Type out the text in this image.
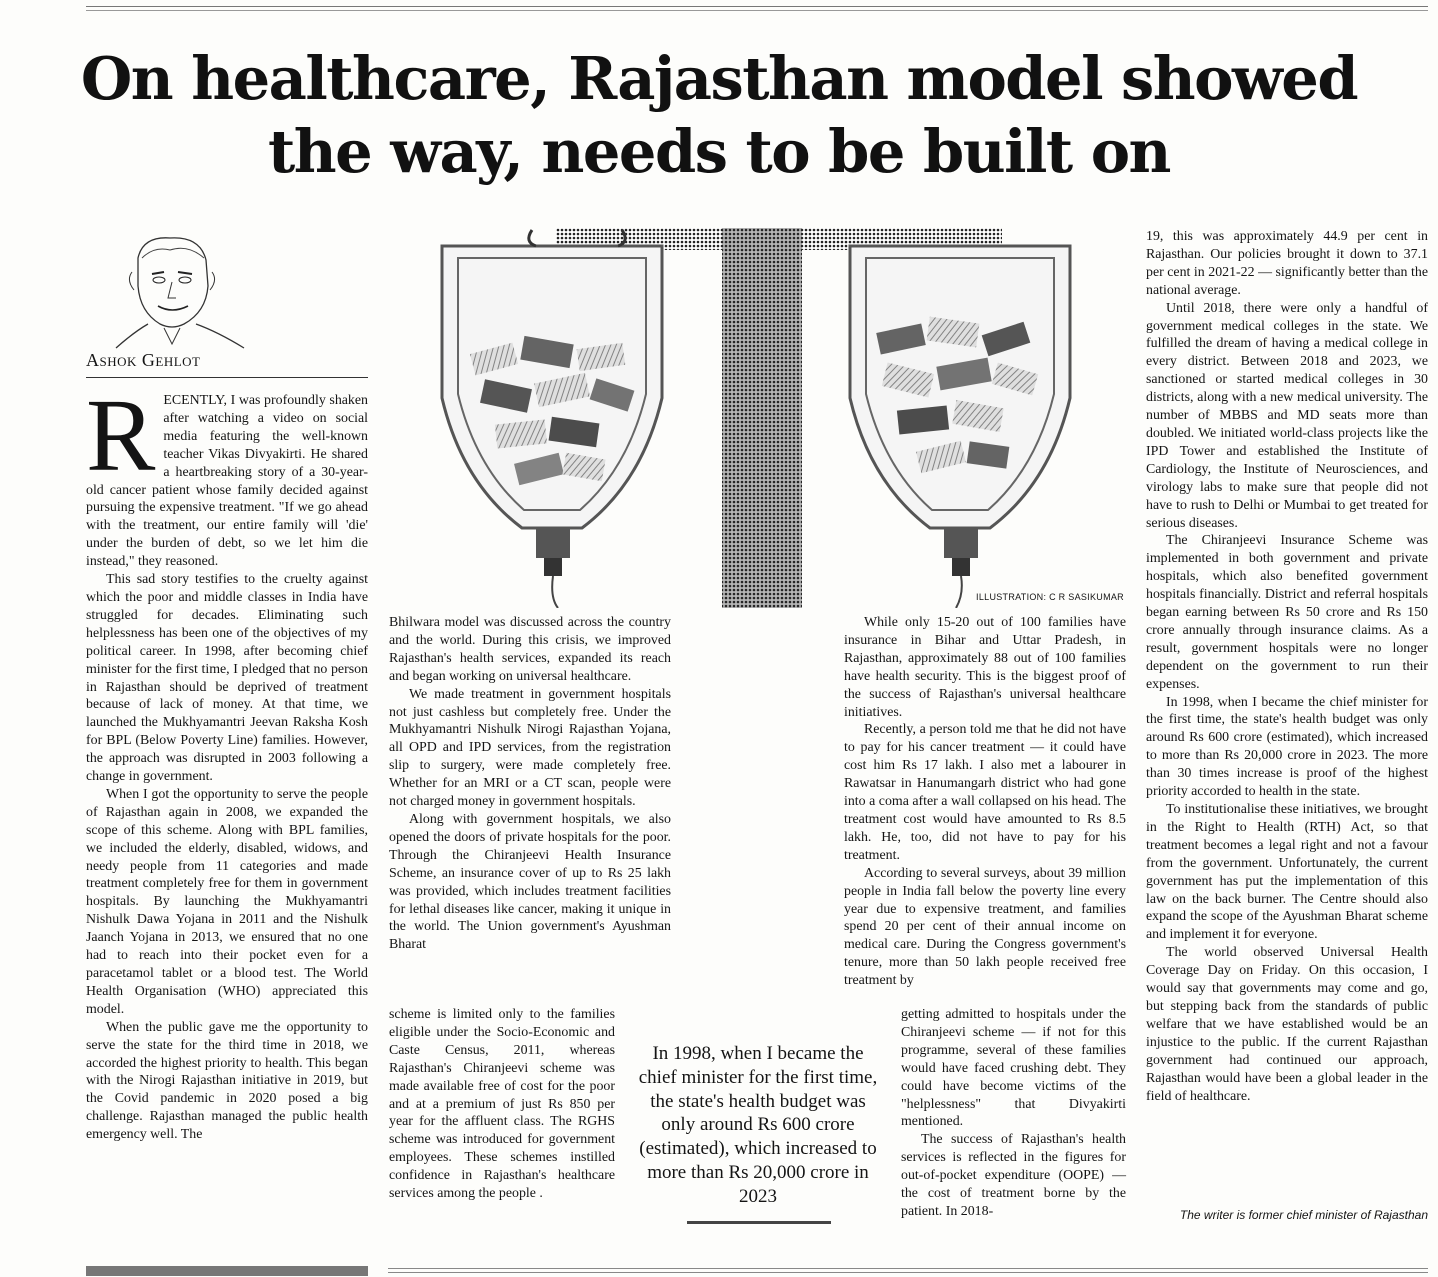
On healthcare, Rajasthan model showed the way, needs to be built on
Ashok Gehlot

RECENTLY, I was profoundly shaken after watching a video on social media featuring the well-known teacher Vikas Divyakirti. He shared a heartbreaking story of a 30-year-old cancer patient whose family decided against pursuing the expensive treatment. "If we go ahead with the treatment, our entire family will 'die' under the burden of debt, so we let him die instead," they reasoned.

This sad story testifies to the cruelty against which the poor and middle classes in India have struggled for decades. Eliminating such helplessness has been one of the objectives of my political career. In 1998, after becoming chief minister for the first time, I pledged that no person in Rajasthan should be deprived of treatment because of lack of money. At that time, we launched the Mukhyamantri Jeevan Raksha Kosh for BPL (Below Poverty Line) families. However, the approach was disrupted in 2003 following a change in government.

When I got the opportunity to serve the people of Rajasthan again in 2008, we expanded the scope of this scheme. Along with BPL families, we included the elderly, disabled, widows, and needy people from 11 categories and made treatment completely free for them in government hospitals. By launching the Mukhyamantri Nishulk Dawa Yojana in 2011 and the Nishulk Jaanch Yojana in 2013, we ensured that no one had to reach into their pocket even for a paracetamol tablet or a blood test. The World Health Organisation (WHO) appreciated this model.

When the public gave me the opportunity to serve the state for the third time in 2018, we accorded the highest priority to health. This began with the Nirogi Rajasthan initiative in 2019, but the Covid pandemic in 2020 posed a big challenge. Rajasthan managed the public health emergency well. The

ILLUSTRATION: C R SASIKUMAR

Bhilwara model was discussed across the country and the world. During this crisis, we improved Rajasthan's health services, expanded its reach and began working on universal healthcare.

We made treatment in government hospitals not just cashless but completely free. Under the Mukhyamantri Nishulk Nirogi Rajasthan Yojana, all OPD and IPD services, from the registration slip to surgery, were made completely free. Whether for an MRI or a CT scan, people were not charged money in government hospitals.

Along with government hospitals, we also opened the doors of private hospitals for the poor. Through the Chiranjeevi Health Insurance Scheme, an insurance cover of up to Rs 25 lakh was provided, which includes treatment facilities for lethal diseases like cancer, making it unique in the world. The Union government's Ayushman Bharat

scheme is limited only to the families eligible under the Socio-Economic and Caste Census, 2011, whereas Rajasthan's Chiranjeevi scheme was made available free of cost for the poor and at a premium of just Rs 850 per year for the affluent class. The RGHS scheme was introduced for government employees. These schemes instilled confidence in Rajasthan's healthcare services among the people .

In 1998, when I became the chief minister for the first time, the state's health budget was only around Rs 600 crore (estimated), which increased to more than Rs 20,000 crore in 2023

While only 15-20 out of 100 families have insurance in Bihar and Uttar Pradesh, in Rajasthan, approximately 88 out of 100 families have health security. This is the biggest proof of the success of Rajasthan's universal healthcare initiatives.

Recently, a person told me that he did not have to pay for his cancer treatment — it could have cost him Rs 17 lakh. I also met a labourer in Rawatsar in Hanumangarh district who had gone into a coma after a wall collapsed on his head. The treatment cost would have amounted to Rs 8.5 lakh. He, too, did not have to pay for his treatment.

According to several surveys, about 39 million people in India fall below the poverty line every year due to expensive treatment, and families spend 20 per cent of their annual income on medical care. During the Congress government's tenure, more than 50 lakh people received free treatment by

getting admitted to hospitals under the Chiranjeevi scheme — if not for this programme, several of these families would have faced crushing debt. They could have become victims of the "helplessness" that Divyakirti mentioned.

The success of Rajasthan's health services is reflected in the figures for out-of-pocket expenditure (OOPE) — the cost of treatment borne by the patient. In 2018-

19, this was approximately 44.9 per cent in Rajasthan. Our policies brought it down to 37.1 per cent in 2021-22 — significantly better than the national average.

Until 2018, there were only a handful of government medical colleges in the state. We fulfilled the dream of having a medical college in every district. Between 2018 and 2023, we sanctioned or started medical colleges in 30 districts, along with a new medical university. The number of MBBS and MD seats more than doubled. We initiated world-class projects like the IPD Tower and established the Institute of Cardiology, the Institute of Neurosciences, and virology labs to make sure that people did not have to rush to Delhi or Mumbai to get treated for serious diseases.

The Chiranjeevi Insurance Scheme was implemented in both government and private hospitals, which also benefited government hospitals financially. District and referral hospitals began earning between Rs 50 crore and Rs 150 crore annually through insurance claims. As a result, government hospitals were no longer dependent on the government to run their expenses.

In 1998, when I became the chief minister for the first time, the state's health budget was only around Rs 600 crore (estimated), which increased to more than Rs 20,000 crore in 2023. The more than 30 times increase is proof of the highest priority accorded to health in the state.

To institutionalise these initiatives, we brought in the Right to Health (RTH) Act, so that treatment becomes a legal right and not a favour from the government. Unfortunately, the current government has put the implementation of this law on the back burner. The Centre should also expand the scope of the Ayushman Bharat scheme and implement it for everyone.

The world observed Universal Health Coverage Day on Friday. On this occasion, I would say that governments may come and go, but stepping back from the standards of public welfare that we have established would be an injustice to the public. If the current Rajasthan government had continued our approach, Rajasthan would have been a global leader in the field of healthcare.

The writer is former chief minister of Rajasthan
